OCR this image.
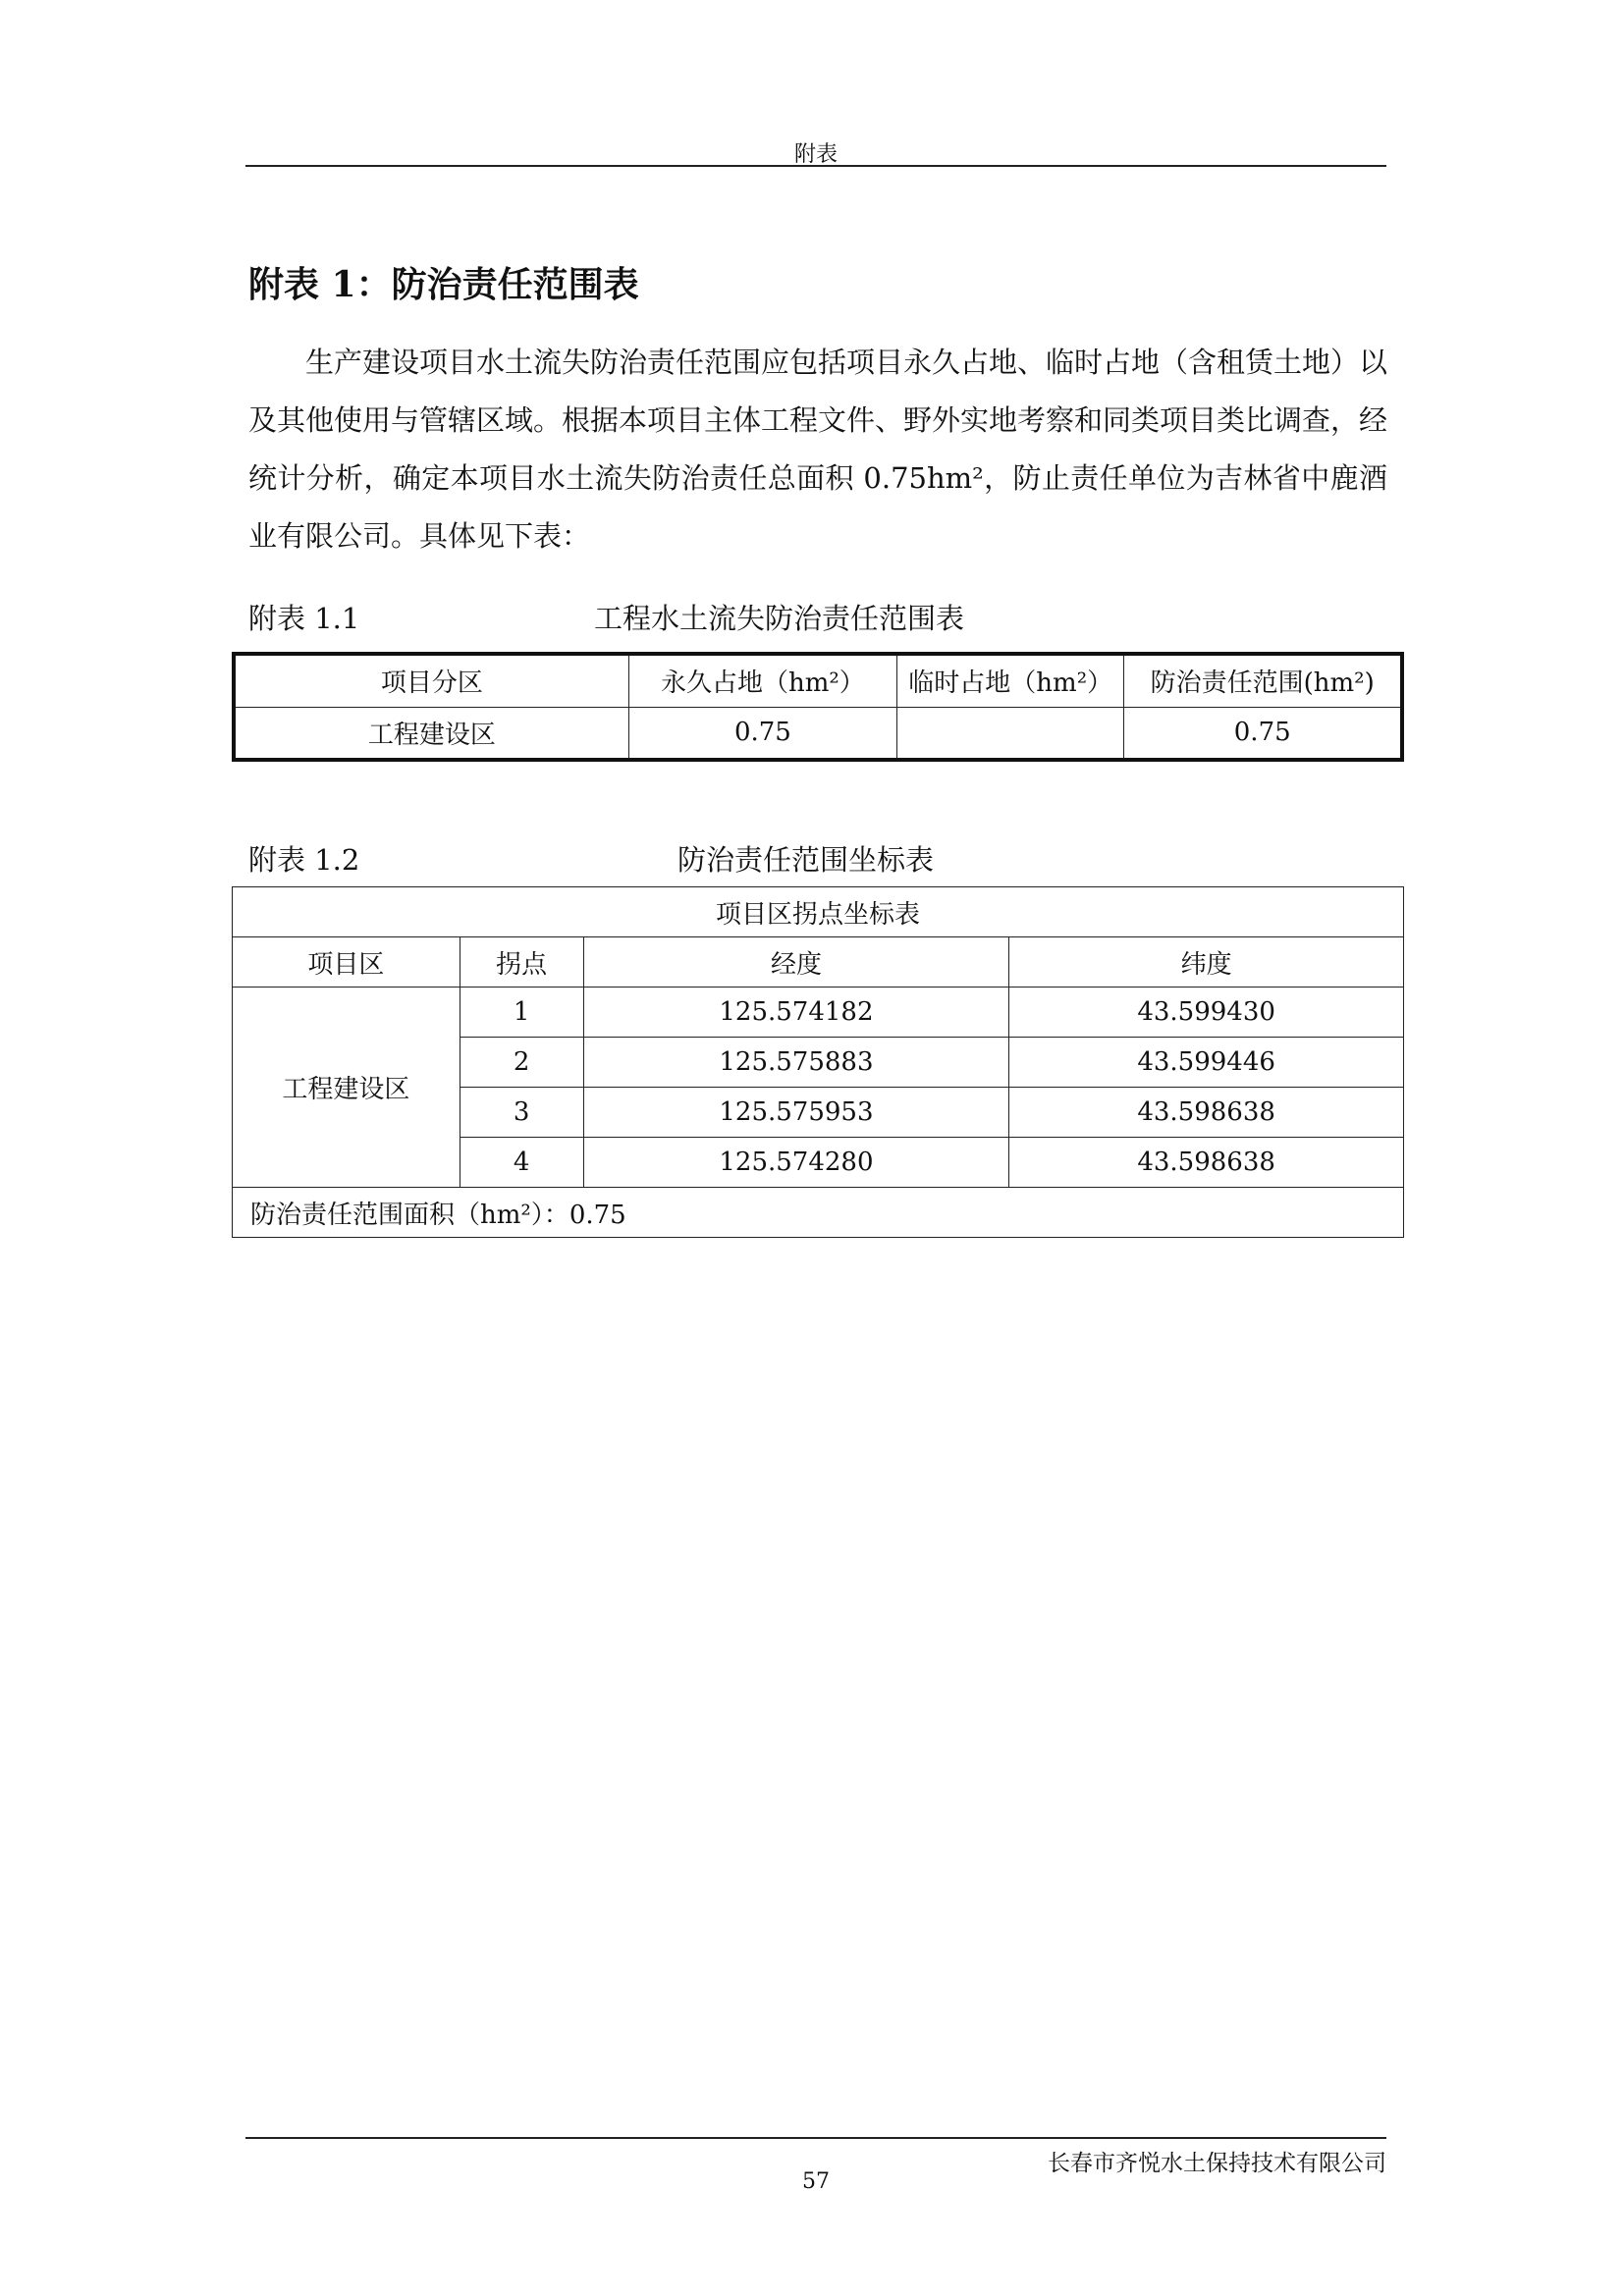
附表
附表 1：防治责任范围表

生产建设项目水土流失防治责任范围应包括项目永久占地、临时占地（含租赁土地）以及其他使用与管辖区域。根据本项目主体工程文件、野外实地考察和同类项目类比调查，经统计分析，确定本项目水土流失防治责任总面积 0.75hm²，防止责任单位为吉林省中鹿酒业有限公司。具体见下表：

附表 1.1	工程水土流失防治责任范围表
项目分区	永久占地（hm²）	临时占地（hm²）	防治责任范围(hm²)
工程建设区	0.75		0.75
附表 1.2	防治责任范围坐标表
项目区拐点坐标表			
项目区	拐点	经度	纬度
工程建设区	1	125.574182	43.599430
	2	125.575883	43.599446
	3	125.575953	43.598638
	4	125.574280	43.598638
防治责任范围面积（hm²）：0.75			
长春市齐悦水土保持技术有限公司
57
